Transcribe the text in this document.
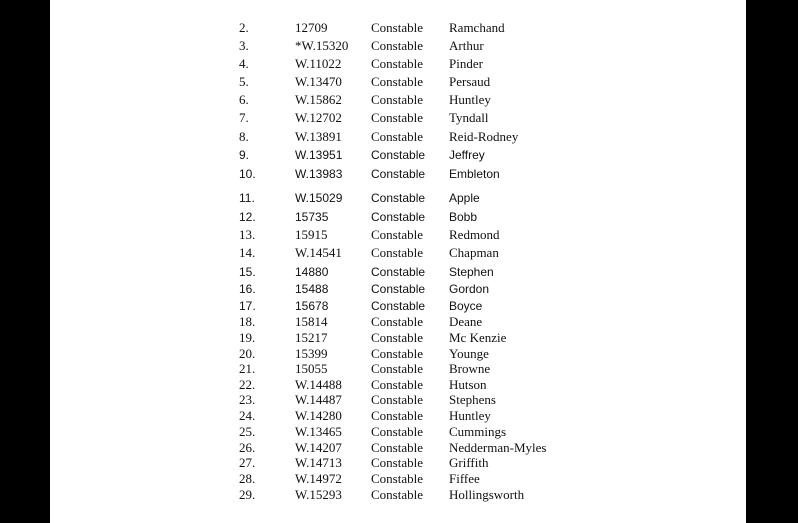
2.	12709	Constable Ramchand
3.	*W.15320 Constable Arthur
4.	W.11022 Constable Pinder
5.	W.13470 Constable Persaud
6.	W.15862 Constable Huntley
7.	W.12702 Constable Tyndall
8.	W.13891 Constable Reid-Rodney
9.	W.13951 Constable Jeffrey
10.	W.13983 Constable Embleton
11.	W.15029 Constable Apple
12.	15735	Constable Bobb
13.	15915	Constable Redmond
14.	W.14541 Constable Chapman
15.	14880	Constable Stephen
16.	15488	Constable Gordon
17.	15678	Constable Boyce
18.	15814	Constable Deane
19.	15217	Constable Mc Kenzie
20.	15399	Constable Younge
21.	15055	Constable Browne
22.	W.14488 Constable Hutson
23.	W.14487 Constable Stephens
24.	W.14280 Constable Huntley
25.	W.13465 Constable Cummings
26.	W.14207 Constable Nedderman-Myles
27.	W.14713 Constable Griffith
28.	W.14972 Constable Fiffee
29.	W.15293 Constable Hollingsworth
